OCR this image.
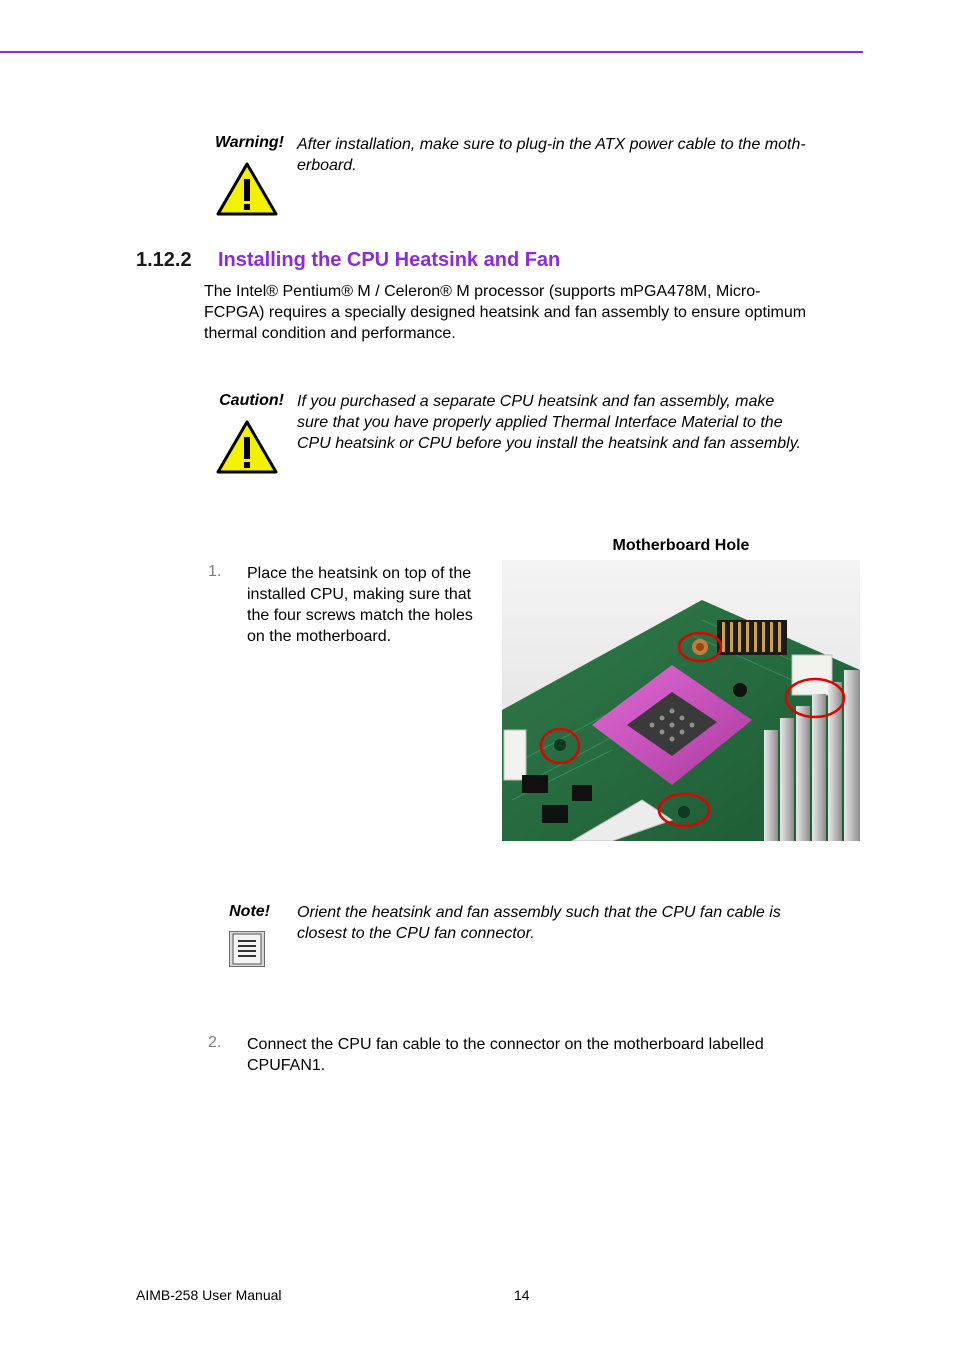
Warning! After installation, make sure to plug-in the ATX power cable to the moth-
erboard.
1.12.2 Installing the CPU Heatsink and Fan
The Intel® Pentium® M / Celeron® M processor (supports mPGA478M, Micro-
FCPGA) requires a specially designed heatsink and fan assembly to ensure optimum
thermal condition and performance.
Caution! If you purchased a separate CPU heatsink and fan assembly, make
sure that you have properly applied Thermal Interface Material to the
CPU heatsink or CPU before you install the heatsink and fan assembly.
Motherboard Hole
1. Place the heatsink on top of the
installed CPU, making sure that
the four screws match the holes
on the motherboard.
Note! Orient the heatsink and fan assembly such that the CPU fan cable is
closest to the CPU fan connector.
2. Connect the CPU fan cable to the connector on the motherboard labelled
CPUFAN1.
AIMB-258 User Manual	14
